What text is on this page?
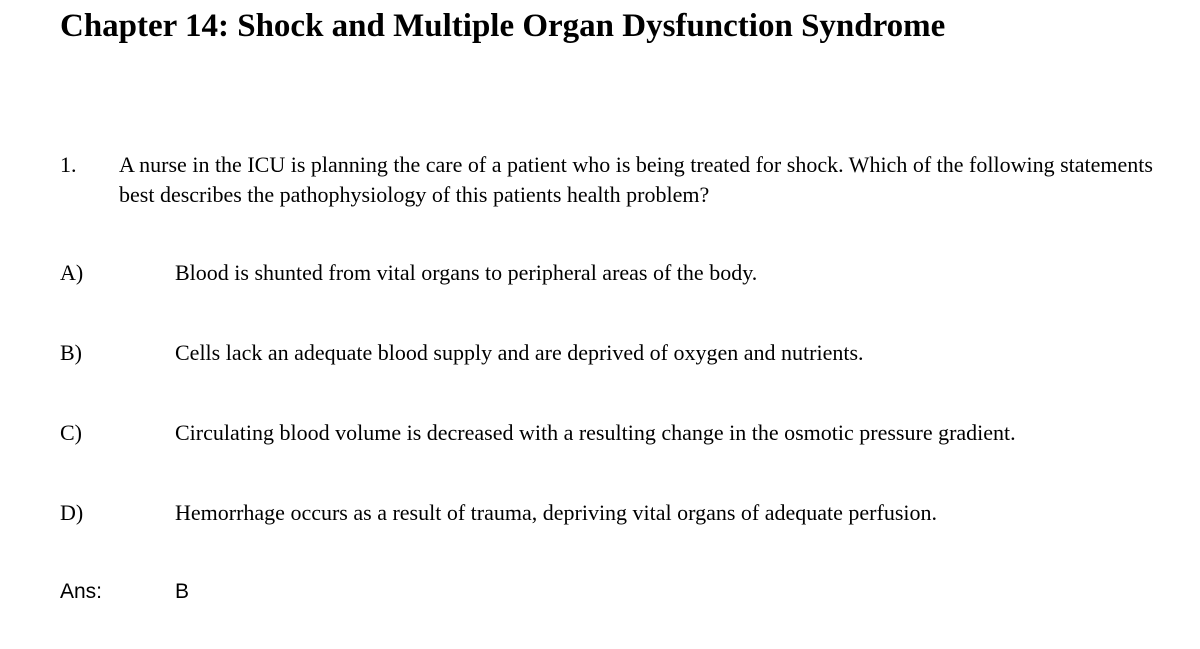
Chapter 14: Shock and Multiple Organ Dysfunction Syndrome
1. A nurse in the ICU is planning the care of a patient who is being treated for shock. Which of the following statements best describes the pathophysiology of this patients health problem?
A)	Blood is shunted from vital organs to peripheral areas of the body.
B)	Cells lack an adequate blood supply and are deprived of oxygen and nutrients.
C)	Circulating blood volume is decreased with a resulting change in the osmotic pressure gradient.
D)	Hemorrhage occurs as a result of trauma, depriving vital organs of adequate perfusion.
Ans:	B
